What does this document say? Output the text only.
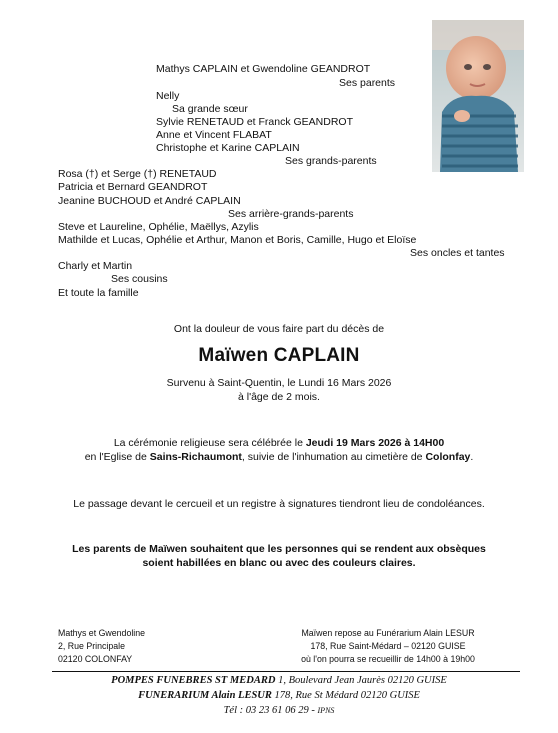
Mathys CAPLAIN et Gwendoline GEANDROT
Ses parents
Nelly
Sa grande sœur
Sylvie RENETAUD et Franck GEANDROT
Anne et Vincent FLABAT
Christophe et Karine CAPLAIN
Ses grands-parents
Rosa (†) et Serge (†) RENETAUD
Patricia et Bernard GEANDROT
Jeanine BUCHOUD et André CAPLAIN
Ses arrière-grands-parents
Steve et Laureline, Ophélie, Maëllys, Azylis
Mathilde et Lucas, Ophélie et Arthur, Manon et Boris, Camille, Hugo et Eloïse
Ses oncles et tantes
Charly et Martin
Ses cousins
Et toute la famille
Ont la douleur de vous faire part du décès de
Maïwen CAPLAIN
Survenu à Saint-Quentin, le Lundi 16 Mars 2026
à l'âge de 2 mois.
La cérémonie religieuse sera célébrée le Jeudi 19 Mars 2026 à 14H00
en l'Eglise de Sains-Richaumont, suivie de l'inhumation au cimetière de Colonfay.
Le passage devant le cercueil et un registre à signatures tiendront lieu de condoléances.
Les parents de Maïwen souhaitent que les personnes qui se rendent aux obsèques
soient habillées en blanc ou avec des couleurs claires.
Mathys et Gwendoline
2, Rue Principale
02120 COLONFAY
Maïwen repose au Funérarium Alain LESUR
178, Rue Saint-Médard – 02120 GUISE
où l'on pourra se recueillir de 14h00 à 19h00
POMPES FUNEBRES ST MEDARD 1, Boulevard Jean Jaurès 02120 GUISE
FUNERARIUM Alain LESUR 178, Rue St Médard 02120 GUISE
Tél : 03 23 61 06 29 - IPNS
